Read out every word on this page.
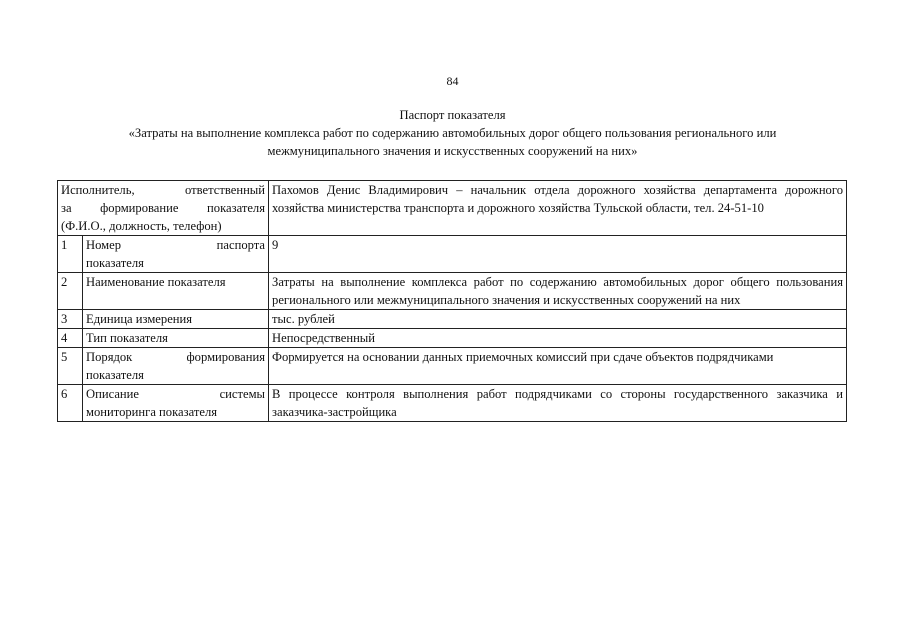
84
Паспорт показателя
«Затраты на выполнение комплекса работ по содержанию автомобильных дорог общего пользования регионального или
межмуниципального значения и искусственных сооружений на них»
Исполнитель, ответственный
за формирование показателя
(Ф.И.О., должность, телефон)		Пахомов Денис Владимирович – начальник отдела дорожного хозяйства департамента дорожного хозяйства министерства транспорта и дорожного хозяйства Тульской области, тел. 24-51-10
1	Номер паспорта
показателя	9
2	Наименование показателя	Затраты на выполнение комплекса работ по содержанию автомобильных дорог общего пользования регионального или межмуниципального значения и искусственных сооружений на них
3	Единица измерения	тыс. рублей
4	Тип показателя	Непосредственный
5	Порядок формирования
показателя	Формируется на основании данных приемочных комиссий при сдаче объектов подрядчиками
6	Описание системы
мониторинга показателя	В процессе контроля выполнения работ подрядчиками со стороны государственного заказчика и заказчика-застройщика
